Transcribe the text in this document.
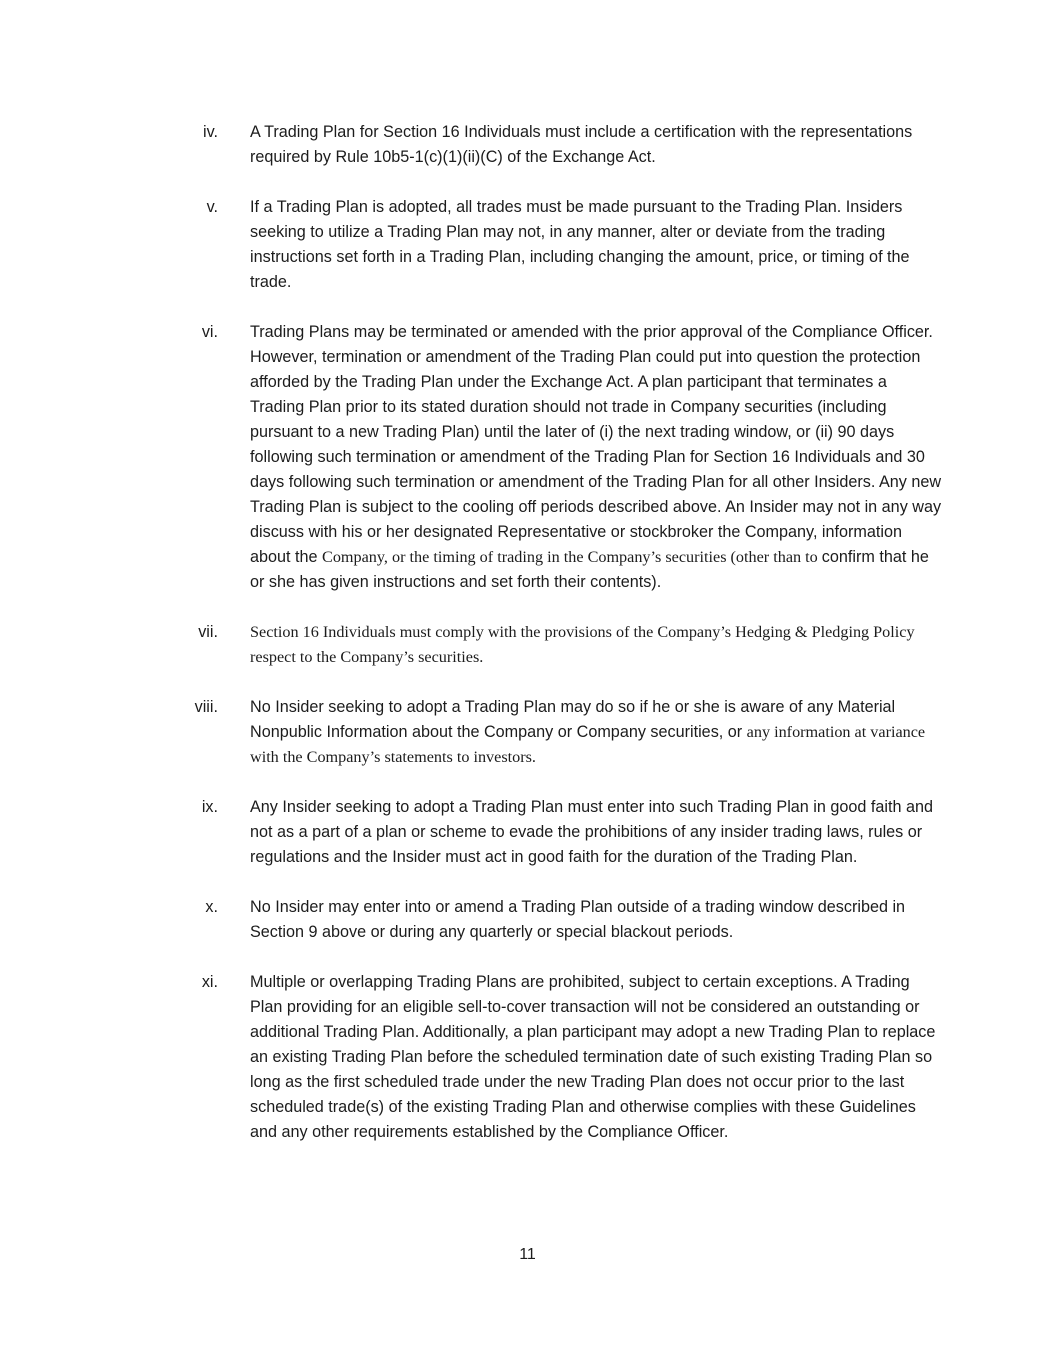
iv. A Trading Plan for Section 16 Individuals must include a certification with the representations required by Rule 10b5-1(c)(1)(ii)(C) of the Exchange Act.
v. If a Trading Plan is adopted, all trades must be made pursuant to the Trading Plan. Insiders seeking to utilize a Trading Plan may not, in any manner, alter or deviate from the trading instructions set forth in a Trading Plan, including changing the amount, price, or timing of the trade.
vi. Trading Plans may be terminated or amended with the prior approval of the Compliance Officer. However, termination or amendment of the Trading Plan could put into question the protection afforded by the Trading Plan under the Exchange Act. A plan participant that terminates a Trading Plan prior to its stated duration should not trade in Company securities (including pursuant to a new Trading Plan) until the later of (i) the next trading window, or (ii) 90 days following such termination or amendment of the Trading Plan for Section 16 Individuals and 30 days following such termination or amendment of the Trading Plan for all other Insiders. Any new Trading Plan is subject to the cooling off periods described above. An Insider may not in any way discuss with his or her designated Representative or stockbroker the Company, information about the Company, or the timing of trading in the Company’s securities (other than to confirm that he or she has given instructions and set forth their contents).
vii. Section 16 Individuals must comply with the provisions of the Company’s Hedging & Pledging Policy respect to the Company’s securities.
viii. No Insider seeking to adopt a Trading Plan may do so if he or she is aware of any Material Nonpublic Information about the Company or Company securities, or any information at variance with the Company’s statements to investors.
ix. Any Insider seeking to adopt a Trading Plan must enter into such Trading Plan in good faith and not as a part of a plan or scheme to evade the prohibitions of any insider trading laws, rules or regulations and the Insider must act in good faith for the duration of the Trading Plan.
x. No Insider may enter into or amend a Trading Plan outside of a trading window described in Section 9 above or during any quarterly or special blackout periods.
xi. Multiple or overlapping Trading Plans are prohibited, subject to certain exceptions. A Trading Plan providing for an eligible sell-to-cover transaction will not be considered an outstanding or additional Trading Plan. Additionally, a plan participant may adopt a new Trading Plan to replace an existing Trading Plan before the scheduled termination date of such existing Trading Plan so long as the first scheduled trade under the new Trading Plan does not occur prior to the last scheduled trade(s) of the existing Trading Plan and otherwise complies with these Guidelines and any other requirements established by the Compliance Officer.
11
